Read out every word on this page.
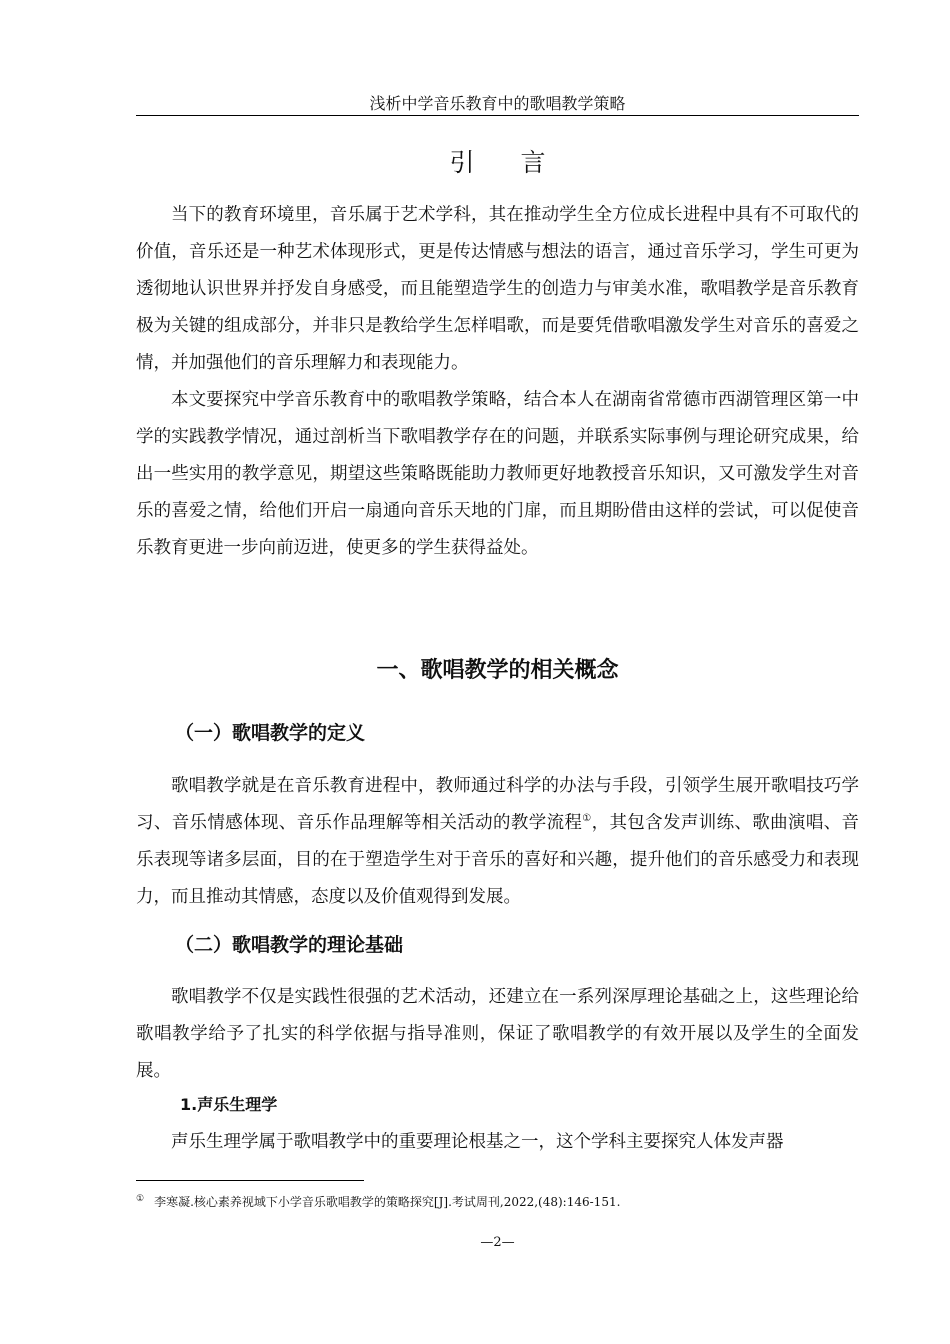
浅析中学音乐教育中的歌唱教学策略
引言

当下的教育环境里，音乐属于艺术学科，其在推动学生全方位成长进程中具有不可取代的价值，音乐还是一种艺术体现形式，更是传达情感与想法的语言，通过音乐学习，学生可更为透彻地认识世界并抒发自身感受，而且能塑造学生的创造力与审美水准，歌唱教学是音乐教育极为关键的组成部分，并非只是教给学生怎样唱歌，而是要凭借歌唱激发学生对音乐的喜爱之情，并加强他们的音乐理解力和表现能力。

本文要探究中学音乐教育中的歌唱教学策略，结合本人在湖南省常德市西湖管理区第一中学的实践教学情况，通过剖析当下歌唱教学存在的问题，并联系实际事例与理论研究成果，给出一些实用的教学意见，期望这些策略既能助力教师更好地教授音乐知识，又可激发学生对音乐的喜爱之情，给他们开启一扇通向音乐天地的门扉，而且期盼借由这样的尝试，可以促使音乐教育更进一步向前迈进，使更多的学生获得益处。

一、歌唱教学的相关概念
（一）歌唱教学的定义

歌唱教学就是在音乐教育进程中，教师通过科学的办法与手段，引领学生展开歌唱技巧学习、音乐情感体现、音乐作品理解等相关活动的教学流程①，其包含发声训练、歌曲演唱、音乐表现等诸多层面，目的在于塑造学生对于音乐的喜好和兴趣，提升他们的音乐感受力和表现力，而且推动其情感，态度以及价值观得到发展。

（二）歌唱教学的理论基础

歌唱教学不仅是实践性很强的艺术活动，还建立在一系列深厚理论基础之上，这些理论给歌唱教学给予了扎实的科学依据与指导准则，保证了歌唱教学的有效开展以及学生的全面发展。

1.声乐生理学

声乐生理学属于歌唱教学中的重要理论根基之一，这个学科主要探究人体发声器

① 李寒凝.核心素养视域下小学音乐歌唱教学的策略探究[J].考试周刊,2022,(48):146-151.
—2—
